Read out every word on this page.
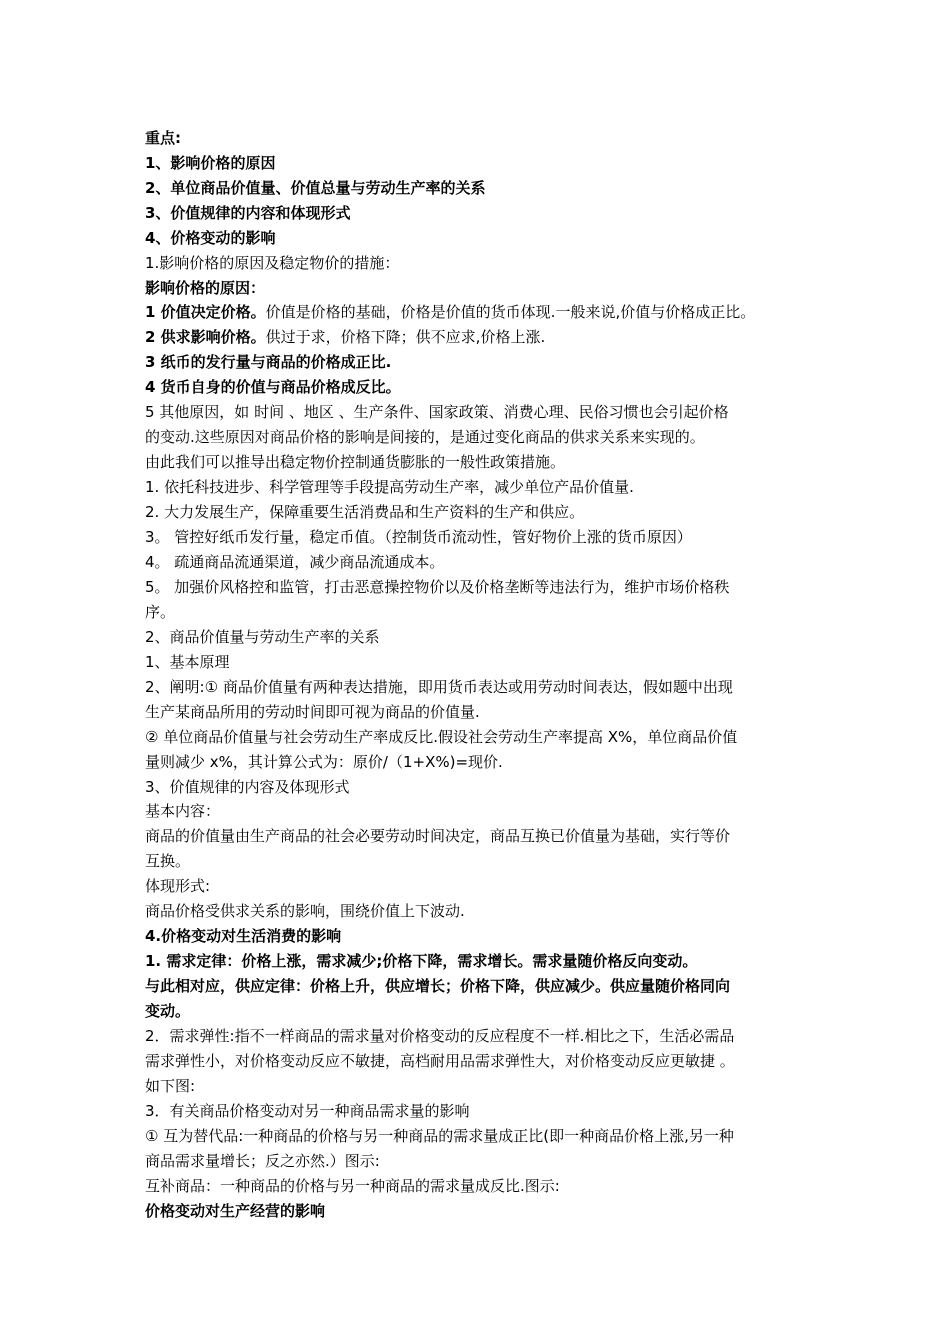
重点:

1、影响价格的原因

2、单位商品价值量、价值总量与劳动生产率的关系

3、价值规律的内容和体现形式

4、价格变动的影响

1.影响价格的原因及稳定物价的措施：

影响价格的原因：

1 价值决定价格。价值是价格的基础，价格是价值的货币体现.一般来说,价值与价格成正比。

2 供求影响价格。供过于求，价格下降；供不应求,价格上涨.

3 纸币的发行量与商品的价格成正比.

4 货币自身的价值与商品价格成反比。

5 其他原因，如 时间 、地区 、生产条件、国家政策、消费心理、民俗习惯也会引起价格

的变动.这些原因对商品价格的影响是间接的，是通过变化商品的供求关系来实现的。

由此我们可以推导出稳定物价控制通货膨胀的一般性政策措施。

1. 依托科技进步、科学管理等手段提高劳动生产率，减少单位产品价值量.

2. 大力发展生产，保障重要生活消费品和生产资料的生产和供应。

3。 管控好纸币发行量，稳定币值。（控制货币流动性，管好物价上涨的货币原因）

4。 疏通商品流通渠道，减少商品流通成本。

5。 加强价风格控和监管，打击恶意操控物价以及价格垄断等违法行为，维护市场价格秩

序。

2、商品价值量与劳动生产率的关系

1、基本原理

2、阐明:① 商品价值量有两种表达措施，即用货币表达或用劳动时间表达，假如题中出现

生产某商品所用的劳动时间即可视为商品的价值量.

② 单位商品价值量与社会劳动生产率成反比.假设社会劳动生产率提高 X%，单位商品价值

量则减少 x%，其计算公式为：原价/（1+X%)=现价.

3、价值规律的内容及体现形式

基本内容：

商品的价值量由生产商品的社会必要劳动时间决定，商品互换已价值量为基础，实行等价

互换。

体现形式:

商品价格受供求关系的影响，围绕价值上下波动.

4.价格变动对生活消费的影响

1. 需求定律：价格上涨，需求减少;价格下降，需求增长。需求量随价格反向变动。

与此相对应，供应定律：价格上升，供应增长；价格下降，供应减少。供应量随价格同向

变动。

2．需求弹性:指不一样商品的需求量对价格变动的反应程度不一样.相比之下，生活必需品

需求弹性小，对价格变动反应不敏捷，高档耐用品需求弹性大，对价格变动反应更敏捷 。

如下图:

3．有关商品价格变动对另一种商品需求量的影响

① 互为替代品:一种商品的价格与另一种商品的需求量成正比(即一种商品价格上涨,另一种

商品需求量增长；反之亦然.）图示:

互补商品：一种商品的价格与另一种商品的需求量成反比.图示:

价格变动对生产经营的影响
